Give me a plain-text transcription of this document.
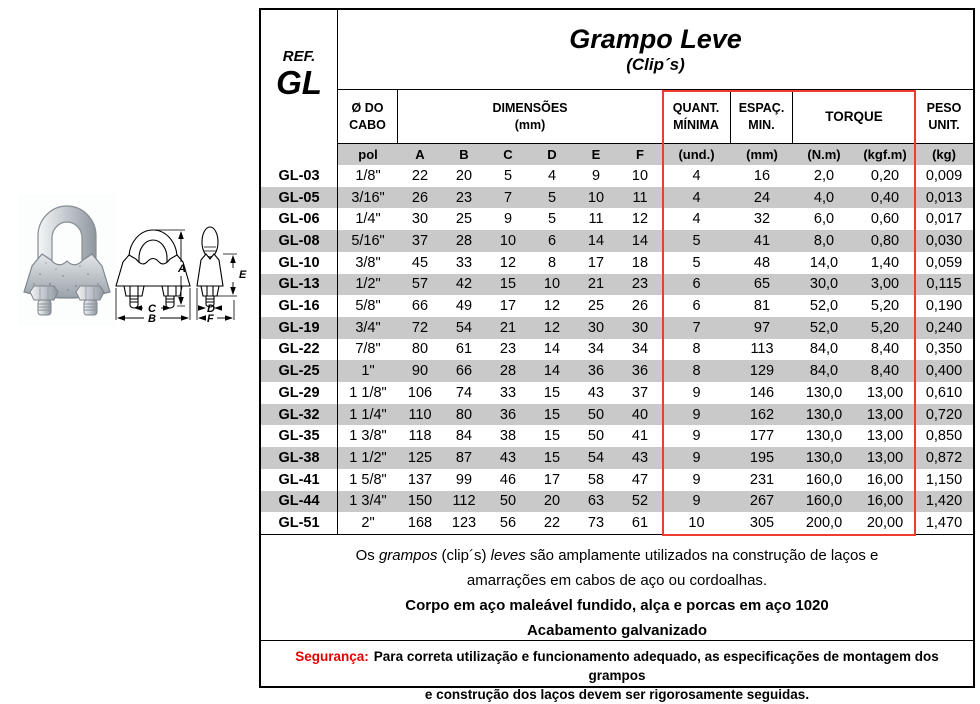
A
C
B
E
D
F
REF.
GL
Grampo Leve
(Clip´s)
Ø DO
CABO
DIMENSÕES
(mm)
QUANT.
MÍNIMA
ESPAÇ.
MIN.
TORQUE
PESO
UNIT.
pol	A	B	C	D	E	F	(und.)	(mm)	(N.m)	(kgf.m)	(kg)
GL-03	1/8"	22	20	5	4	9	10	4	16	2,0	0,20	0,009
GL-05	3/16"	26	23	7	5	10	11	4	24	4,0	0,40	0,013
GL-06	1/4"	30	25	9	5	11	12	4	32	6,0	0,60	0,017
GL-08	5/16"	37	28	10	6	14	14	5	41	8,0	0,80	0,030
GL-10	3/8"	45	33	12	8	17	18	5	48	14,0	1,40	0,059
GL-13	1/2"	57	42	15	10	21	23	6	65	30,0	3,00	0,115
GL-16	5/8"	66	49	17	12	25	26	6	81	52,0	5,20	0,190
GL-19	3/4"	72	54	21	12	30	30	7	97	52,0	5,20	0,240
GL-22	7/8"	80	61	23	14	34	34	8	113	84,0	8,40	0,350
GL-25	1"	90	66	28	14	36	36	8	129	84,0	8,40	0,400
GL-29	1 1/8"	106	74	33	15	43	37	9	146	130,0	13,00	0,610
GL-32	1 1/4"	110	80	36	15	50	40	9	162	130,0	13,00	0,720
GL-35	1 3/8"	118	84	38	15	50	41	9	177	130,0	13,00	0,850
GL-38	1 1/2"	125	87	43	15	54	43	9	195	130,0	13,00	0,872
GL-41	1 5/8"	137	99	46	17	58	47	9	231	160,0	16,00	1,150
GL-44	1 3/4"	150	112	50	20	63	52	9	267	160,0	16,00	1,420
GL-51	2"	168	123	56	22	73	61	10	305	200,0	20,00	1,470
Os grampos (clip´s) leves são amplamente utilizados na construção de laços e
amarrações em cabos de aço ou cordoalhas.
Corpo em aço maleável fundido, alça e porcas em aço 1020
Acabamento galvanizado
Segurança: Para correta utilização e funcionamento adequado, as especificações de montagem dos grampos
e construção dos laços devem ser rigorosamente seguidas.
